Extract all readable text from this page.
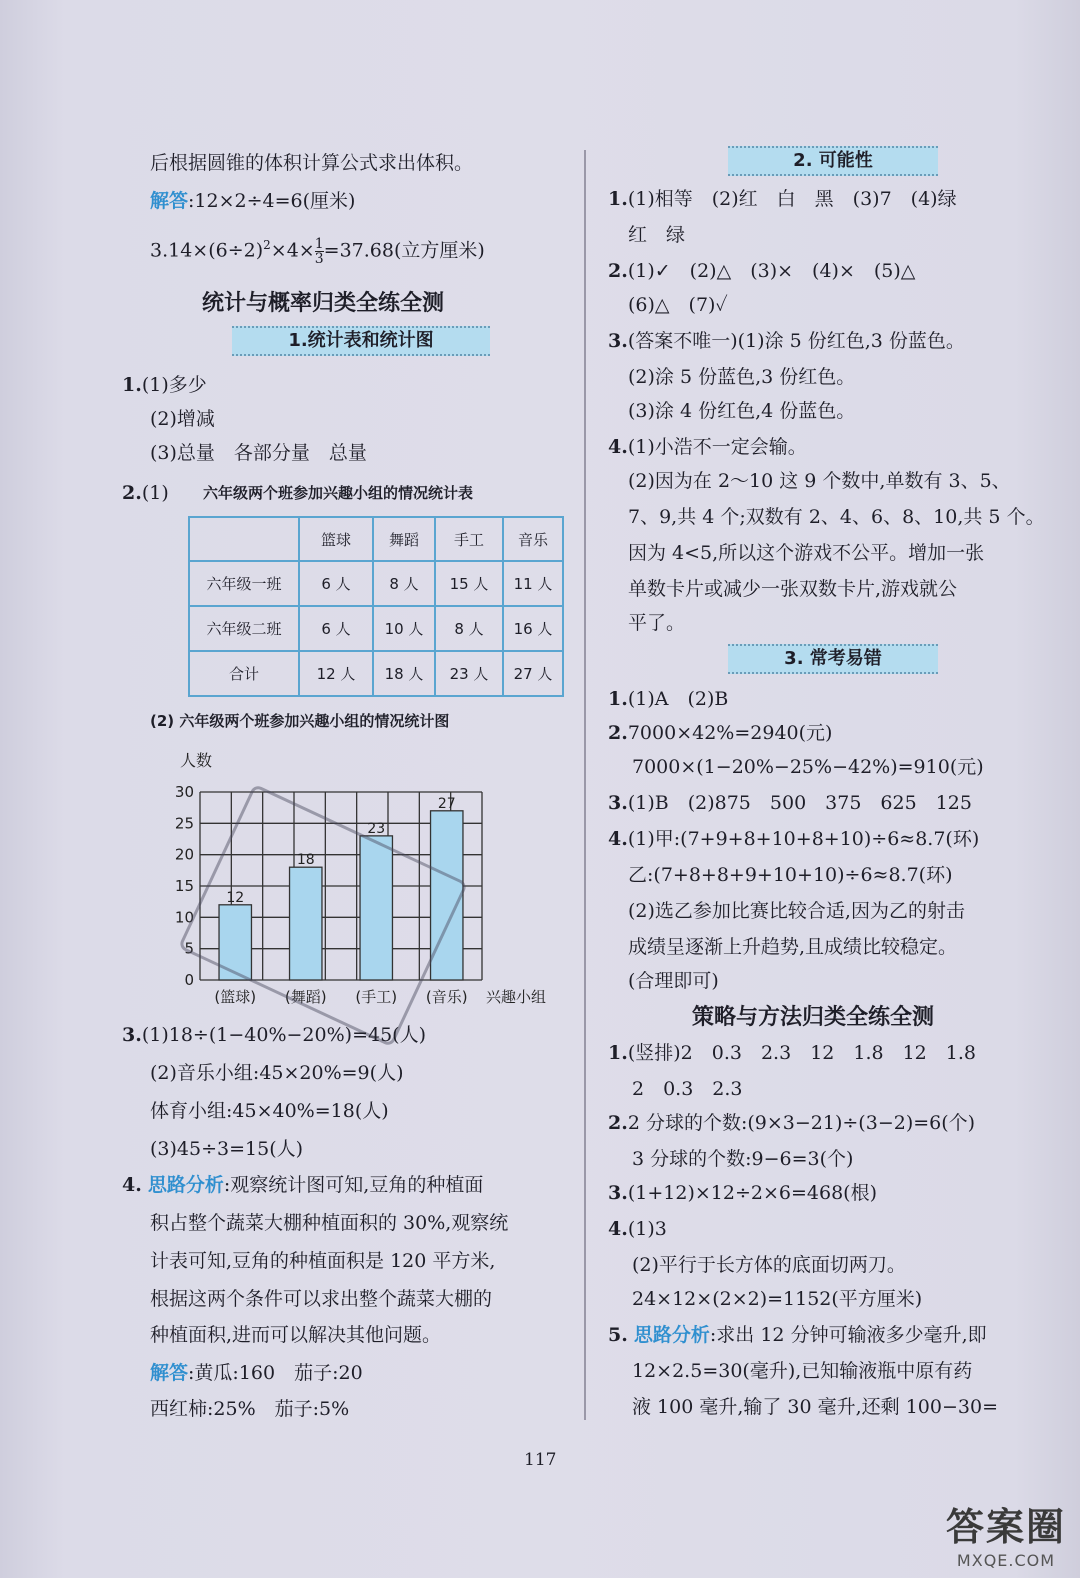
后根据圆锥的体积计算公式求出体积。
解答:12×2÷4=6(厘米)
$3.14\times(6\div 2)^2\times 4\times \frac{1}{3} =37.68$(立方厘米)
统计与概率归类全练全测
1.统计表和统计图
1.(1)多少
(2)增减
(3)总量　各部分量　总量
2.(1) 六年级两个班参加兴趣小组的情况统计表
	篮球	舞蹈	手工	音乐
六年级一班	6 人	8 人	15 人	11 人
六年级二班	6 人	10 人	8 人	16 人
合计	12 人	18 人	23 人	27 人
(2) 六年级两个班参加兴趣小组的情况统计图
0
5
10
15
20
25
30
人数
12
(篮球)
18
(舞蹈)
23
(手工)
27
(音乐) 兴趣小组
3.(1)18÷(1−40%−20%)=45(人)
(2)音乐小组:45×20%=9(人)
体育小组:45×40%=18(人)
(3)45÷3=15(人)
4. 思路分析:观察统计图可知,豆角的种植面
积占整个蔬菜大棚种植面积的 30%,观察统
计表可知,豆角的种植面积是 120 平方米,
根据这两个条件可以求出整个蔬菜大棚的
种植面积,进而可以解决其他问题。
解答:黄瓜:160　茄子:20
西红柿:25%　茄子:5%
2. 可能性
1.(1)相等　(2)红　白　黑　(3)7　(4)绿
红　绿
2.(1)✓　(2)△　(3)×　(4)×　(5)△
(6)△　(7)✓
3.(答案不唯一)(1)涂 5 份红色,3 份蓝色。
(2)涂 5 份蓝色,3 份红色。
(3)涂 4 份红色,4 份蓝色。
4.(1)小浩不一定会输。
(2)因为在 2～10 这 9 个数中,单数有 3、5、
7、9,共 4 个;双数有 2、4、6、8、10,共 5 个。
因为 4<5,所以这个游戏不公平。增加一张
单数卡片或减少一张双数卡片,游戏就公
平了。
3. 常考易错
1.(1)A　(2)B
2.7000×42%=2940(元)
7000×(1−20%−25%−42%)=910(元)
3.(1)B　(2)875　500　375　625　125
4.(1)甲:(7+9+8+10+8+10)÷6≈8.7(环)
乙:(7+8+8+9+10+10)÷6≈8.7(环)
(2)选乙参加比赛比较合适,因为乙的射击
成绩呈逐渐上升趋势,且成绩比较稳定。
(合理即可)
策略与方法归类全练全测
1.(竖排)2　0.3　2.3　12　1.8　12　1.8
2　0.3　2.3
2.2 分球的个数:(9×3−21)÷(3−2)=6(个)
3 分球的个数:9−6=3(个)
3.(1+12)×12÷2×6=468(根)
4.(1)3
(2)平行于长方体的底面切两刀。
24×12×(2×2)=1152(平方厘米)
5. 思路分析:求出 12 分钟可输液多少毫升,即
12×2.5=30(毫升),已知输液瓶中原有药
液 100 毫升,输了 30 毫升,还剩 100−30=
117
答案圈
MXQE.COM
